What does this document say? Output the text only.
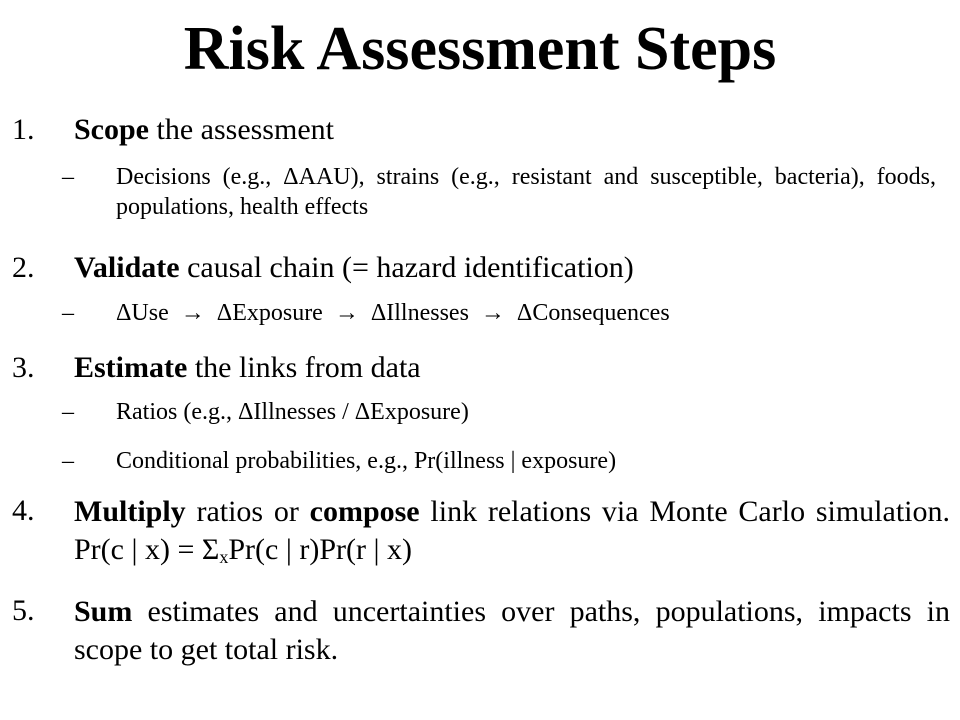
Risk Assessment Steps
1. Scope the assessment
– Decisions (e.g., ΔAAU), strains (e.g., resistant and susceptible, bacteria), foods, populations, health effects
2. Validate causal chain (= hazard identification)
– ΔUse  →  ΔExposure  →  ΔIllnesses  →  ΔConsequences
3. Estimate the links from data
– Ratios (e.g., ΔIllnesses / ΔExposure)
– Conditional probabilities, e.g., Pr(illness | exposure)
4. Multiply ratios or compose link relations via Monte Carlo simulation. Pr(c | x) = ΣxPr(c | r)Pr(r | x)
5. Sum estimates and uncertainties over paths, populations, impacts in scope to get total risk.
